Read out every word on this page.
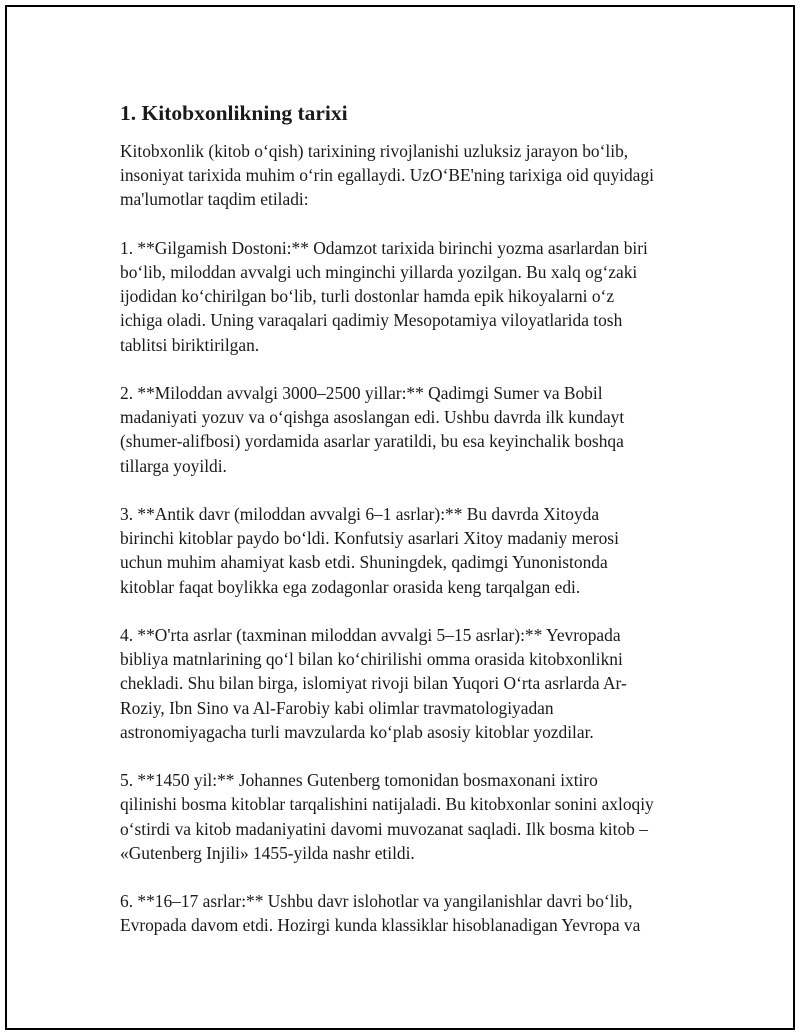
1. Kitobxonlikning tarixi

Kitobxonlik (kitob o‘qish) tarixining rivojlanishi uzluksiz jarayon bo‘lib,
insoniyat tarixida muhim o‘rin egallaydi. UzO‘BE'ning tarixiga oid quyidagi
ma'lumotlar taqdim etiladi:

1. **Gilgamish Dostoni:** Odamzot tarixida birinchi yozma asarlardan biri
bo‘lib, miloddan avvalgi uch minginchi yillarda yozilgan. Bu xalq og‘zaki
ijodidan ko‘chirilgan bo‘lib, turli dostonlar hamda epik hikoyalarni o‘z
ichiga oladi. Uning varaqalari qadimiy Mesopotamiya viloyatlarida tosh
tablitsi biriktirilgan.

2. **Miloddan avvalgi 3000–2500 yillar:** Qadimgi Sumer va Bobil
madaniyati yozuv va o‘qishga asoslangan edi. Ushbu davrda ilk kundayt
(shumer-alifbosi) yordamida asarlar yaratildi, bu esa keyinchalik boshqa
tillarga yoyildi.

3. **Antik davr (miloddan avvalgi 6–1 asrlar):** Bu davrda Xitoyda
birinchi kitoblar paydo bo‘ldi. Konfutsiy asarlari Xitoy madaniy merosi
uchun muhim ahamiyat kasb etdi. Shuningdek, qadimgi Yunonistonda
kitoblar faqat boylikka ega zodagonlar orasida keng tarqalgan edi.

4. **O'rta asrlar (taxminan miloddan avvalgi 5–15 asrlar):** Yevropada
bibliya matnlarining qo‘l bilan ko‘chirilishi omma orasida kitobxonlikni
chekladi. Shu bilan birga, islomiyat rivoji bilan Yuqori O‘rta asrlarda Ar-
Roziy, Ibn Sino va Al-Farobiy kabi olimlar travmatologiyadan
astronomiyagacha turli mavzularda ko‘plab asosiy kitoblar yozdilar.

5. **1450 yil:** Johannes Gutenberg tomonidan bosmaxonani ixtiro
qilinishi bosma kitoblar tarqalishini natijaladi. Bu kitobxonlar sonini axloqiy
o‘stirdi va kitob madaniyatini davomi muvozanat saqladi. Ilk bosma kitob –
«Gutenberg Injili» 1455-yilda nashr etildi.

6. **16–17 asrlar:** Ushbu davr islohotlar va yangilanishlar davri bo‘lib,
Evropada davom etdi. Hozirgi kunda klassiklar hisoblanadigan Yevropa va
